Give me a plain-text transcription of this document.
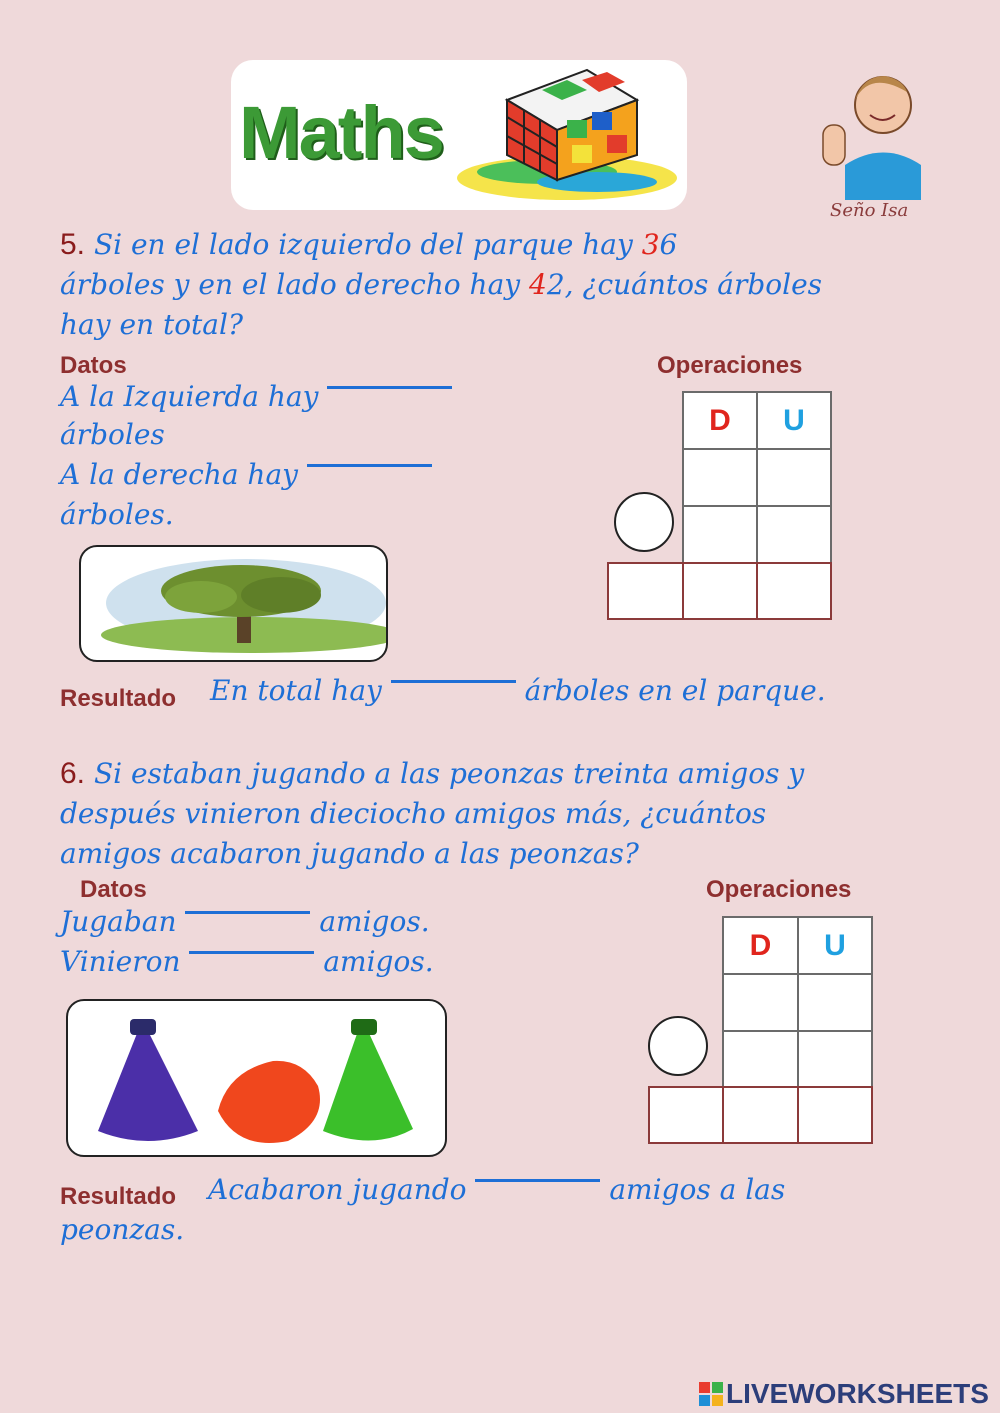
Maths
Seño Isa
5. Si en el lado izquierdo del parque hay 36
árboles y en el lado derecho hay 42, ¿cuántos árboles
hay en total?
Datos	Operaciones
A la Izquierda hay
árboles
A la derecha hay
árboles.
D	U
Resultado En total hay	árboles en el parque.
6. Si estaban jugando a las peonzas treinta amigos y
después vinieron dieciocho amigos más, ¿cuántos
amigos acabaron jugando a las peonzas?
Datos	Operaciones
Jugaban	amigos.
Vinieron	amigos.	D	U
Resultado Acabaron jugando	amigos a las
peonzas.
LIVEWORKSHEETS
